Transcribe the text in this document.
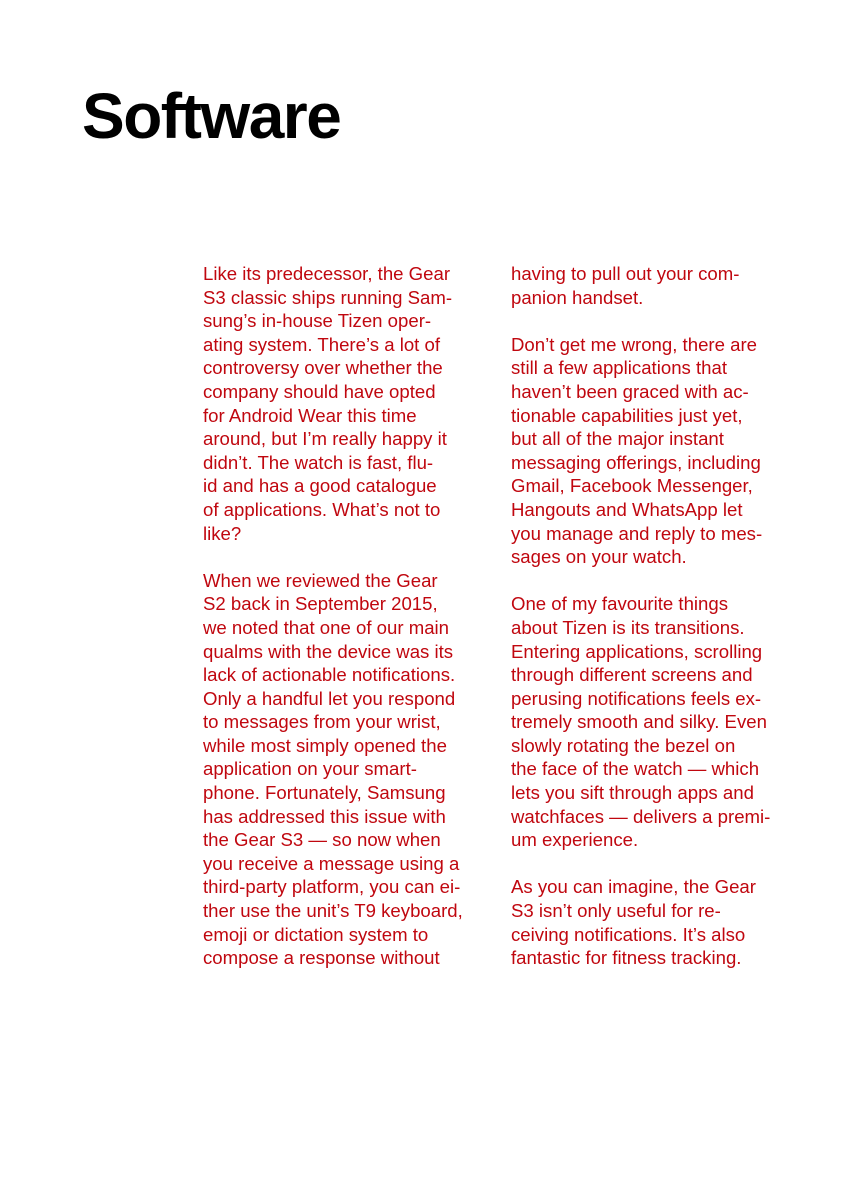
Software

Like its predecessor, the Gear
S3 classic ships running Sam-
sung’s in-house Tizen oper-
ating system. There’s a lot of
controversy over whether the
company should have opted
for Android Wear this time
around, but I’m really happy it
didn’t. The watch is fast, flu-
id and has a good catalogue
of applications. What’s not to
like?

When we reviewed the Gear
S2 back in September 2015,
we noted that one of our main
qualms with the device was its
lack of actionable notifications.
Only a handful let you respond
to messages from your wrist,
while most simply opened the
application on your smart-
phone. Fortunately, Samsung
has addressed this issue with
the Gear S3 — so now when
you receive a message using a
third-party platform, you can ei-
ther use the unit’s T9 keyboard,
emoji or dictation system to
compose a response without

having to pull out your com-
panion handset.

Don’t get me wrong, there are
still a few applications that
haven’t been graced with ac-
tionable capabilities just yet,
but all of the major instant
messaging offerings, including
Gmail, Facebook Messenger,
Hangouts and WhatsApp let
you manage and reply to mes-
sages on your watch.

One of my favourite things
about Tizen is its transitions.
Entering applications, scrolling
through different screens and
perusing notifications feels ex-
tremely smooth and silky. Even
slowly rotating the bezel on
the face of the watch — which
lets you sift through apps and
watchfaces — delivers a premi-
um experience.

As you can imagine, the Gear
S3 isn’t only useful for re-
ceiving notifications. It’s also
fantastic for fitness tracking.
